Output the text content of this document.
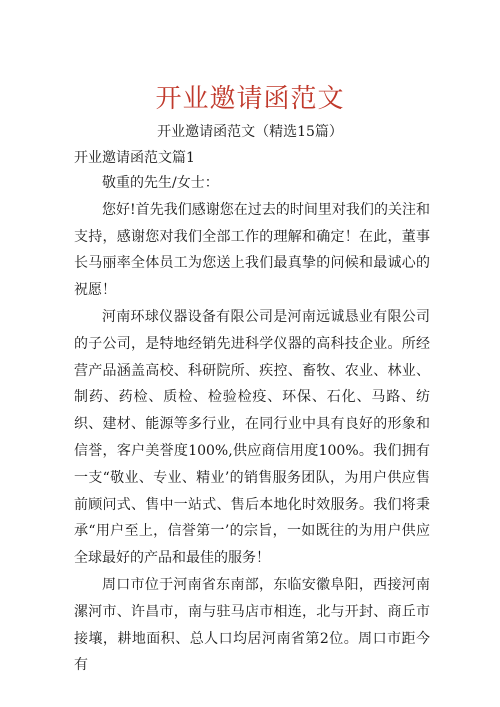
开业邀请函范文
开业邀请函范文（精选15篇）
开业邀请函范文篇1

敬重的先生/女士：

您好!首先我们感谢您在过去的时间里对我们的关注和支持，感谢您对我们全部工作的理解和确定！在此，董事长马丽率全体员工为您送上我们最真挚的问候和最诚心的祝愿！

河南环球仪器设备有限公司是河南远诚恳业有限公司的子公司，是特地经销先进科学仪器的高科技企业。所经营产品涵盖高校、科研院所、疾控、畜牧、农业、林业、制药、药检、质检、检验检疫、环保、石化、马路、纺织、建材、能源等多行业，在同行业中具有良好的形象和信誉，客户美誉度100%,供应商信用度100%。我们拥有一支“敬业、专业、精业’的销售服务团队，为用户供应售前顾问式、售中一站式、售后本地化时效服务。我们将秉承“用户至上，信誉第一’的宗旨，一如既往的为用户供应全球最好的产品和最佳的服务！

周口市位于河南省东南部，东临安徽阜阳，西接河南漯河市、许昌市，南与驻马店市相连，北与开封、商丘市接壤，耕地面积、总人口均居河南省第2位。周口市距今有
